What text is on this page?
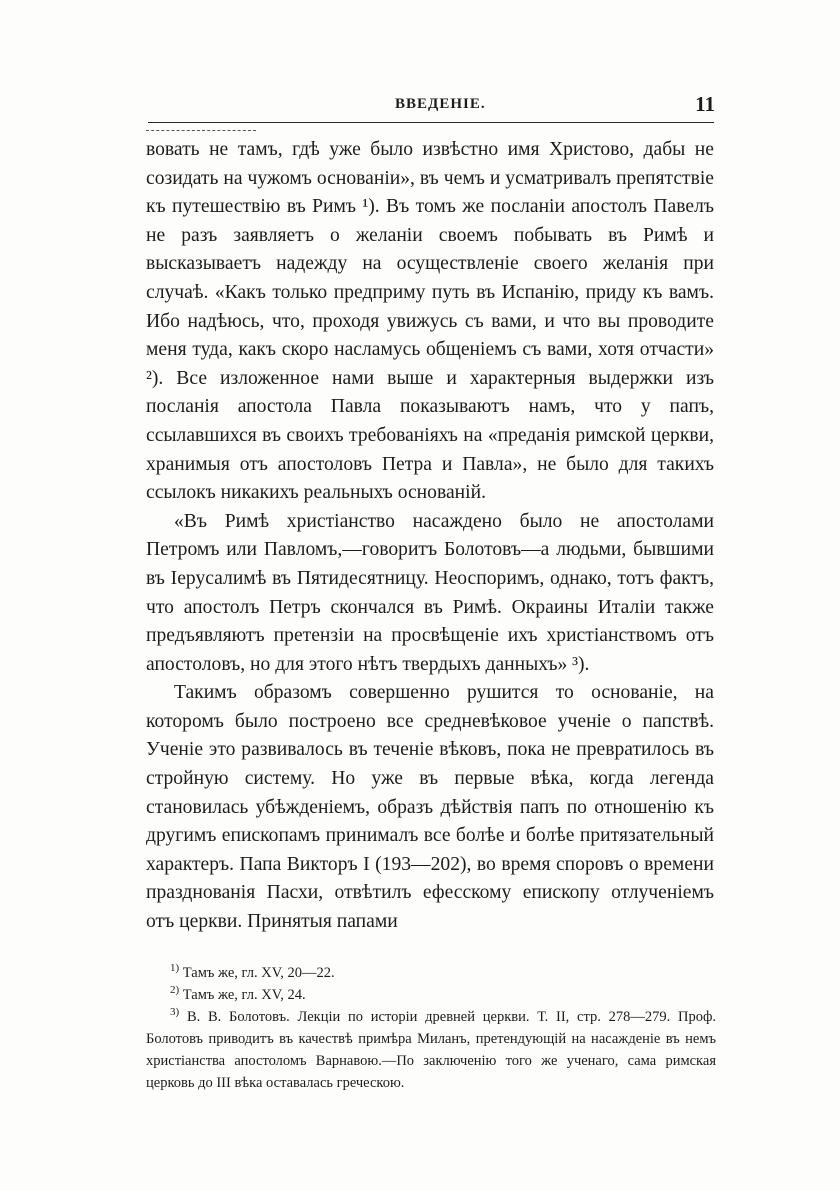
ВВЕДЕНІЕ.	11

вовать не тамъ, гдѣ уже было извѣстно имя Христово, дабы не созидать на чужомъ основаніи», въ чемъ и усматривалъ препятствіе къ путешествію въ Римъ ¹). Въ томъ же посланіи апостолъ Павелъ не разъ заявляетъ о желаніи своемъ побывать въ Римѣ и высказываетъ надежду на осуществленіе своего желанія при случаѣ. «Какъ только предприму путь въ Испанію, приду къ вамъ. Ибо надѣюсь, что, проходя увижусь съ вами, и что вы проводите меня туда, какъ скоро насламусь общеніемъ съ вами, хотя отчасти» ²). Все изложенное нами выше и характерныя выдержки изъ посланія апостола Павла показываютъ намъ, что у папъ, ссылавшихся въ своихъ требованіяхъ на «преданія римской церкви, хранимыя отъ апостоловъ Петра и Павла», не было для такихъ ссылокъ никакихъ реальныхъ основаній.

«Въ Римѣ христіанство насаждено было не апостолами Петромъ или Павломъ,—говоритъ Болотовъ—а людьми, бывшими въ Іерусалимѣ въ Пятидесятницу. Неоспоримъ, однако, тотъ фактъ, что апостолъ Петръ скончался въ Римѣ. Окраины Италіи также предъявляютъ претензіи на просвѣщеніе ихъ христіанствомъ отъ апостоловъ, но для этого нѣтъ твердыхъ данныхъ» ³).

Такимъ образомъ совершенно рушится то основаніе, на которомъ было построено все средневѣковое ученіе о папствѣ. Ученіе это развивалось въ теченіе вѣковъ, пока не превратилось въ стройную систему. Но уже въ первые вѣка, когда легенда становилась убѣжденіемъ, образъ дѣйствія папъ по отношенію къ другимъ епископамъ принималъ все болѣе и болѣе притязательный характеръ. Папа Викторъ I (193—202), во время споровъ о времени празднованія Пасхи, отвѣтилъ ефесскому епископу отлученіемъ отъ церкви. Принятыя папами

$^{1)}$ Тамъ же, гл. XV, 20—22.

$^{2)}$ Тамъ же, гл. XV, 24.

$^{3)}$ В. В. Болотовъ. Лекціи по исторіи древней церкви. Т. II, стр. 278—279. Проф. Болотовъ приводитъ въ качествѣ примѣра Миланъ, претендующій на насажденіе въ немъ христіанства апостоломъ Варнавою.—По заключенію того же ученаго, сама римская церковь до III вѣка оставалась греческою.
